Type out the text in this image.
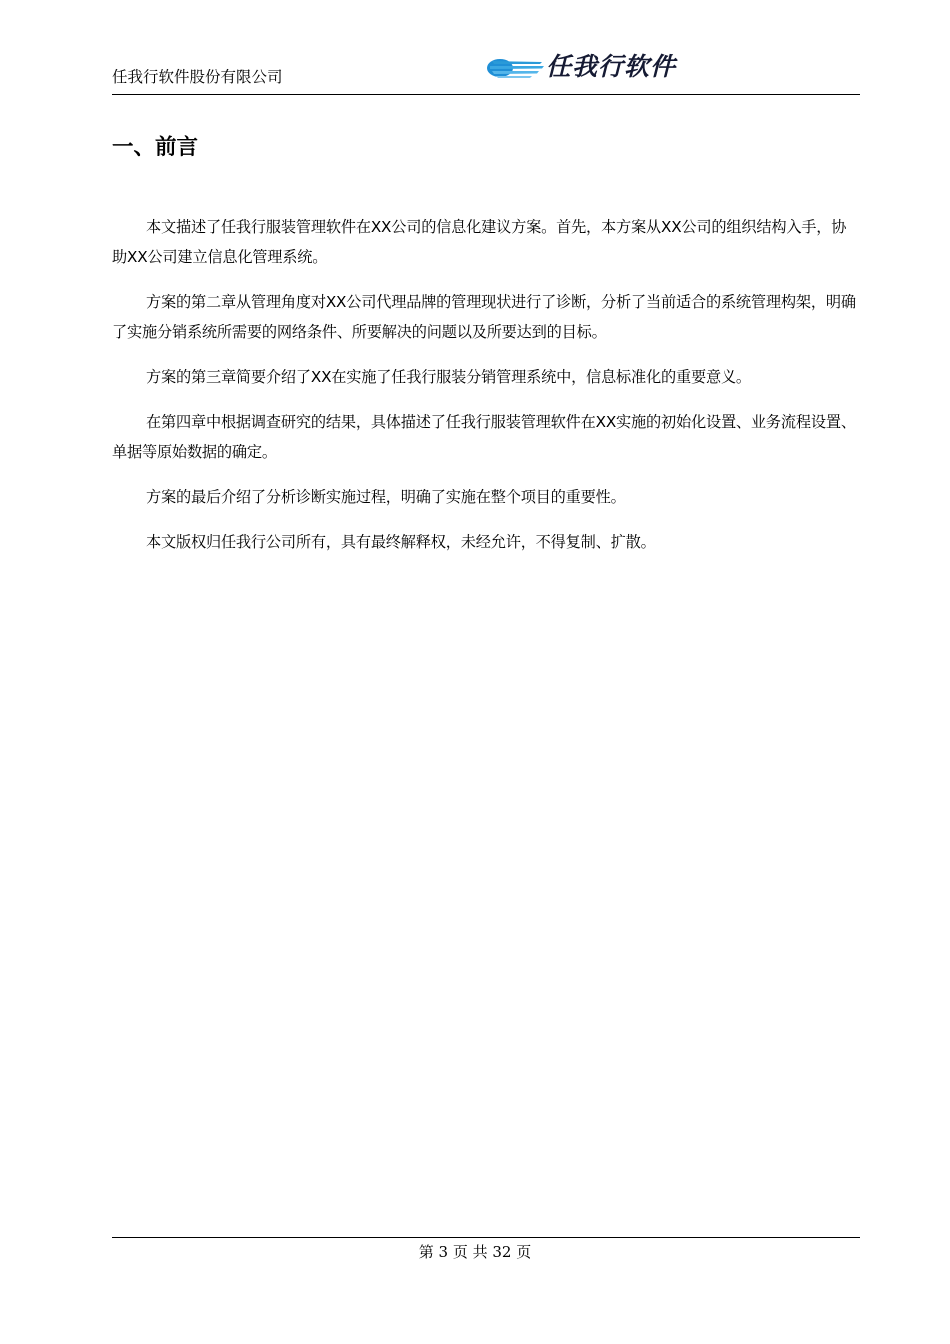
任我行软件股份有限公司	任我行软件
一、前言

本文描述了任我行服装管理软件在XX公司的信息化建议方案。首先，本方案从XX公司的组织结构入手，协助XX公司建立信息化管理系统。

方案的第二章从管理角度对XX公司代理品牌的管理现状进行了诊断，分析了当前适合的系统管理构架，明确了实施分销系统所需要的网络条件、所要解决的问题以及所要达到的目标。

方案的第三章简要介绍了XX在实施了任我行服装分销管理系统中，信息标准化的重要意义。

在第四章中根据调查研究的结果，具体描述了任我行服装管理软件在XX实施的初始化设置、业务流程设置、单据等原始数据的确定。

方案的最后介绍了分析诊断实施过程，明确了实施在整个项目的重要性。

本文版权归任我行公司所有，具有最终解释权，未经允许，不得复制、扩散。

第 3 页 共 32 页
